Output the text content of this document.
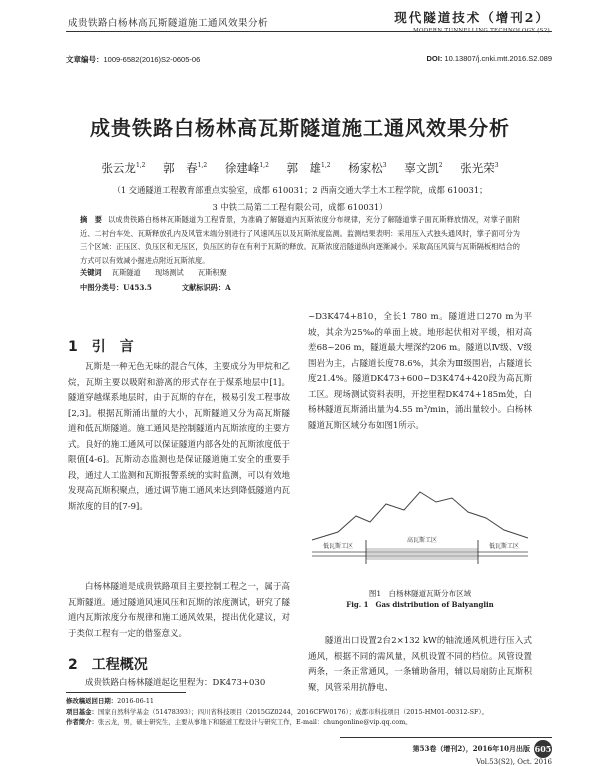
成贵铁路白杨林高瓦斯隧道施工通风效果分析	现代隧道技术（增刊2）
MODERN TUNNELLING TECHNOLOGY (S2)
文章编号：1009-6582(2016)S2-0605-06	DOI: 10.13807/j.cnki.mtt.2016.S2.089
成贵铁路白杨林高瓦斯隧道施工通风效果分析
张云龙$^{1,2}$ 郭　春$^{1,2}$ 徐建峰$^{1,2}$ 郭　雄$^{1,2}$ 杨家松$^3$ 辜文凯$^2$ 张光荣$^3$
（1 交通隧道工程教育部重点实验室，成都 610031；2 西南交通大学土木工程学院，成都 610031；
3 中铁二局第二工程有限公司，成都 610031）
摘　要 以成贵铁路白杨林瓦斯隧道为工程背景，为准确了解隧道内瓦斯浓度分布规律，充分了解隧道掌子面瓦斯释放情况，对掌子面附近、二衬台车处、瓦斯释放孔内及风管末端分别进行了风速风压以及瓦斯浓度监测。监测结果表明：采用压入式独头通风时，掌子面可分为三个区域：正压区、负压区和无压区，负压区的存在有利于瓦斯的释放。瓦斯浓度沿隧道纵向逐渐减小。采取高压风筒与瓦斯隔板相结合的方式可以有效减小掘进点附近瓦斯浓度。
关键词 瓦斯隧道 现场测试 瓦斯积聚
中图分类号：U453.5	文献标识码：A
1　引　言

瓦斯是一种无色无味的混合气体，主要成分为甲烷和乙烷，瓦斯主要以吸附和游离的形式存在于煤系地层中[1]。隧道穿越煤系地层时，由于瓦斯的存在，极易引发工程事故[2,3]。根据瓦斯涌出量的大小，瓦斯隧道又分为高瓦斯隧道和低瓦斯隧道。施工通风是控制隧道内瓦斯浓度的主要方式。良好的施工通风可以保证隧道内部各处的瓦斯浓度低于限值[4-6]。瓦斯动态监测也是保证隧道施工安全的重要手段，通过人工监测和瓦斯报警系统的实时监测，可以有效地发现高瓦斯积聚点，通过调节施工通风来达到降低隧道内瓦斯浓度的目的[7-9]。

白杨林隧道是成贵铁路项目主要控制工程之一，属于高瓦斯隧道。通过隧道风速风压和瓦斯的浓度测试，研究了隧道内瓦斯浓度分布规律和施工通风效果，提出优化建议，对于类似工程有一定的借鉴意义。

2　工程概况

成贵铁路白杨林隧道起讫里程为：DK473+030

~D3K474+810，全长1 780 m。隧道进口270 m为平坡，其余为25‰的单面上坡。地形起伏相对平缓，相对高差68~206 m，隧道最大埋深约206 m。隧道以Ⅳ级、Ⅴ级围岩为主，占隧道长度78.6%，其余为Ⅲ级围岩，占隧道长度21.4%。隧道DK473+600~D3K474+420段为高瓦斯工区。现场测试资料表明，开挖里程DK474+185m处，白杨林隧道瓦斯涌出量为4.55 m³/min，涌出量较小。白杨林隧道瓦斯区域分布如图1所示。

低瓦斯工区
高瓦斯工区
低瓦斯工区
图1　白杨林隧道瓦斯分布区域
Fig. 1　Gas distribution of Baiyanglin

隧道出口设置2台2×132 kW的轴流通风机进行压入式通风，根据不同的需风量，风机设置不同的档位。风管设置两条，一条正常通风，一条辅助备用，辅以局扇防止瓦斯积聚，风管采用抗静电、

修改稿返回日期：2016-06-11
项目基金：国家自然科学基金（51478393）；四川省科技项目（2015GZ0244，2016CFW0176）；成都市科技项目（2015-HM01-00312-SF）。
作者简介：张云龙，男，硕士研究生，主要从事地下和隧道工程设计与研究工作，E-mail：chungonline@vip.qq.com。
第53卷（增刊2），2016年10月出版 605
Vol.53(S2), Oct. 2016
